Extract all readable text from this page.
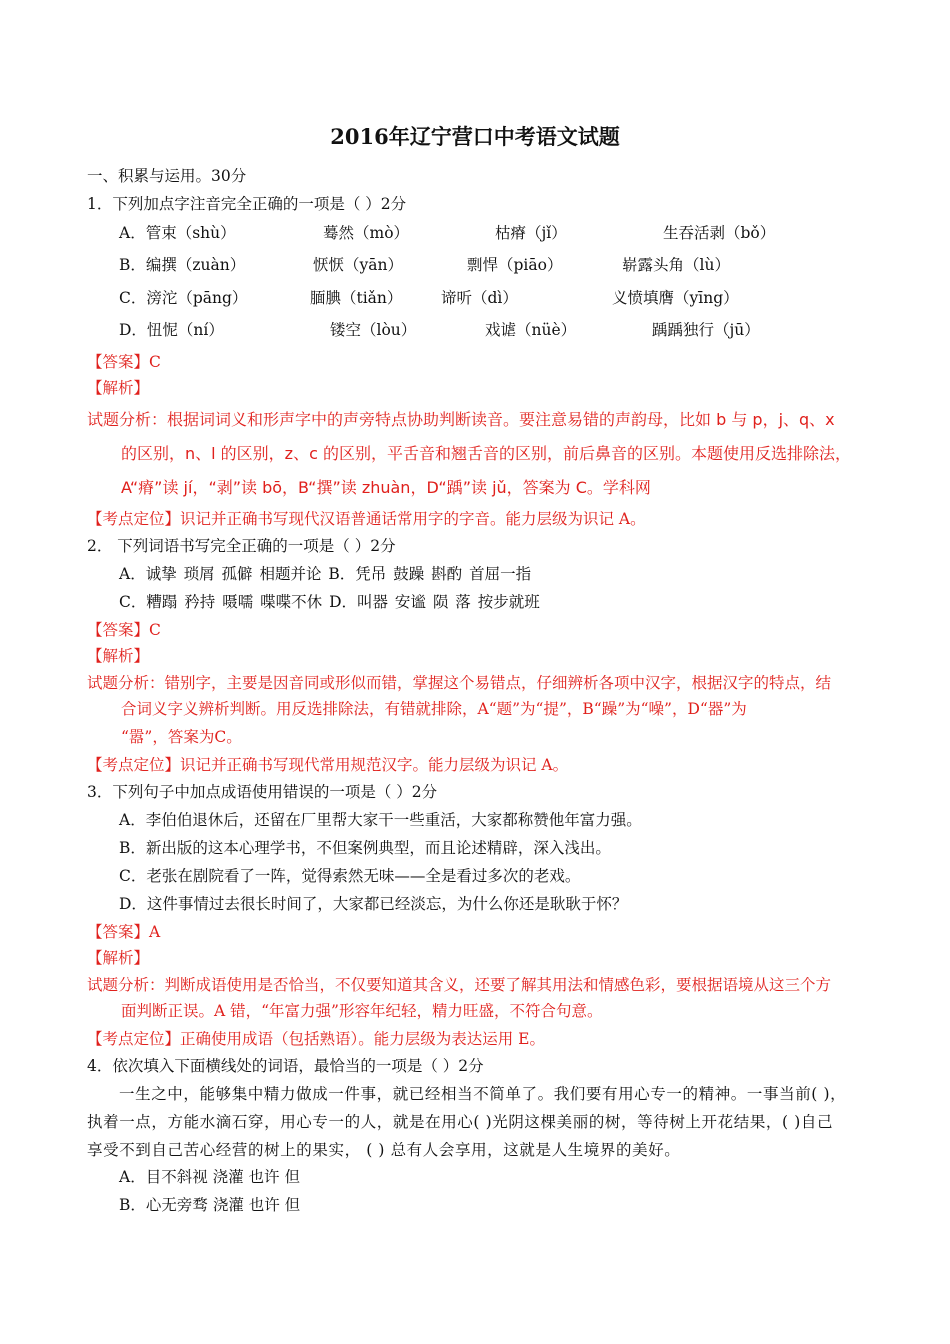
2016年辽宁营口中考语文试题
一、积累与运用。30分
1．下列加点字注音完全正确的一项是（ ）2分
A．管束（shù）	蓦然（mò）	枯瘠（jǐ）	生吞活剥（bǒ）
B．编撰（zuàn）	恹恹（yān）	剽悍（piāo）	崭露头角（lù）
C．滂沱（pāng）	腼腆（tiǎn） 谛听（dì）	义愤填膺（yīng）
D．忸怩（ní）	镂空（lòu）	戏谑（nüè）	踽踽独行（jū）
【答案】C
【解析】
试题分析：根据词词义和形声字中的声旁特点协助判断读音。要注意易错的声韵母，比如 b 与 p，j、q、x
的区别，n、l 的区别，z、c 的区别，平舌音和翘舌音的区别，前后鼻音的区别。本题使用反选排除法，
A“瘠”读 jí，“剥”读 bō，B“撰”读 zhuàn，D“踽”读 jǔ，答案为 C。学科网
【考点定位】识记并正确书写现代汉语普通话常用字的字音。能力层级为识记 A。
2． 下列词语书写完全正确的一项是（ ）2分
A．诚挚 琐屑 孤僻 相题并论 B．凭吊 鼓躁 斟酌 首屈一指
C．糟蹋 矜持 嗫嚅 喋喋不休 D．叫器 安谧 陨 落 按步就班
【答案】C
【解析】
试题分析：错别字，主要是因音同或形似而错，掌握这个易错点，仔细辨析各项中汉字，根据汉字的特点，结
合词义字义辨析判断。用反选排除法，有错就排除，A“题”为“提”，B“躁”为“噪”，D“器”为
“嚣”，答案为C。
【考点定位】识记并正确书写现代常用规范汉字。能力层级为识记 A。
3．下列句子中加点成语使用错误的一项是（ ）2分
A．李伯伯退休后，还留在厂里帮大家干一些重活，大家都称赞他年富力强。
B．新出版的这本心理学书，不但案例典型，而且论述精辟，深入浅出。
C．老张在剧院看了一阵，觉得索然无味——全是看过多次的老戏。
D．这件事情过去很长时间了，大家都已经淡忘，为什么你还是耿耿于怀？
【答案】A
【解析】
试题分析：判断成语使用是否恰当，不仅要知道其含义，还要了解其用法和情感色彩，要根据语境从这三个方
面判断正误。A 错，“年富力强”形容年纪轻，精力旺盛，不符合句意。
【考点定位】正确使用成语（包括熟语）。能力层级为表达运用 E。
4．依次填入下面横线处的词语，最恰当的一项是（ ）2分
一生之中，能够集中精力做成一件事，就已经相当不简单了。我们要有用心专一的精神。一事当前( )，
执着一点，方能水滴石穿，用心专一的人，就是在用心( )光阴这棵美丽的树，等待树上开花结果，( )自己
享受不到自己苦心经营的树上的果实， ( ) 总有人会享用，这就是人生境界的美好。
A．目不斜视 浇灌 也许 但
B．心无旁骛 浇灌 也许 但
